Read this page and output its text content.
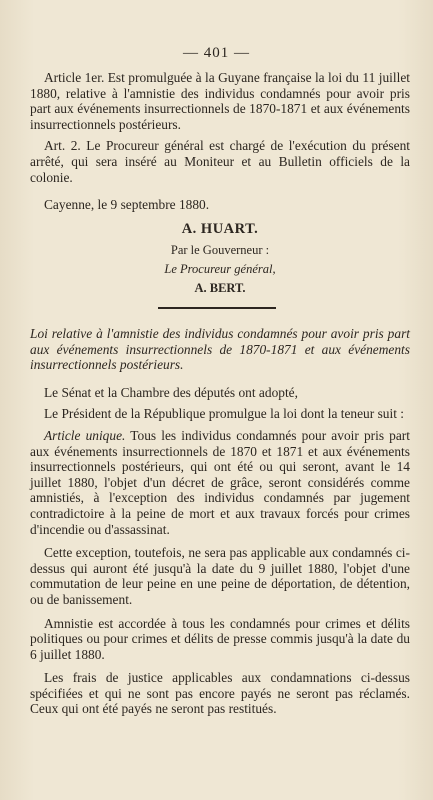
— 401 —

Article 1er. Est promulguée à la Guyane française la loi du 11 juillet 1880, relative à l'amnistie des individus condamnés pour avoir pris part aux événements insurrectionnels de 1870-1871 et aux événements insurrectionnels postérieurs.

Art. 2. Le Procureur général est chargé de l'exécution du présent arrêté, qui sera inséré au Moniteur et au Bulletin officiels de la colonie.

Cayenne, le 9 septembre 1880.

A. HUART.
Par le Gouverneur :
Le Procureur général,
A. BERT.

Loi relative à l'amnistie des individus condamnés pour avoir pris part aux événements insurrectionnels de 1870-1871 et aux événements insurrectionnels postérieurs.

Le Sénat et la Chambre des députés ont adopté,

Le Président de la République promulgue la loi dont la teneur suit :

Article unique. Tous les individus condamnés pour avoir pris part aux événements insurrectionnels de 1870 et 1871 et aux événements insurrectionnels postérieurs, qui ont été ou qui seront, avant le 14 juillet 1880, l'objet d'un décret de grâce, seront considérés comme amnistiés, à l'exception des individus condamnés par jugement contradictoire à la peine de mort et aux travaux forcés pour crimes d'incendie ou d'assassinat.

Cette exception, toutefois, ne sera pas applicable aux condamnés ci-dessus qui auront été jusqu'à la date du 9 juillet 1880, l'objet d'une commutation de leur peine en une peine de déportation, de détention, ou de banissement.

Amnistie est accordée à tous les condamnés pour crimes et délits politiques ou pour crimes et délits de presse commis jusqu'à la date du 6 juillet 1880.

Les frais de justice applicables aux condamnations ci-dessus spécifiées et qui ne sont pas encore payés ne seront pas réclamés. Ceux qui ont été payés ne seront pas restitués.
